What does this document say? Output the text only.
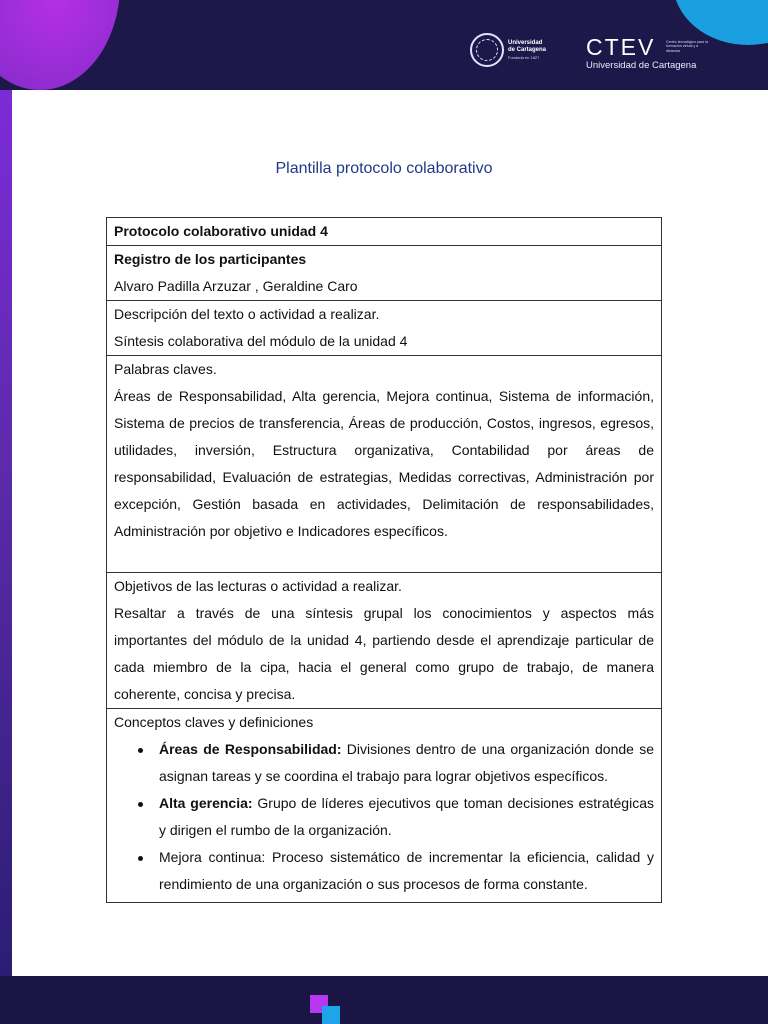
Universidad
de Cartagena
Fundada en 1827 CTEV	Centro tecnológico para la formación virtual y a distancia
Universidad de Cartagena
Plantilla protocolo colaborativo
Protocolo colaborativo unidad 4

Registro de los participantes
Alvaro Padilla Arzuzar , Geraldine Caro

Descripción del texto o actividad a realizar.
Síntesis colaborativa del módulo de la unidad 4

Palabras claves.
Áreas de Responsabilidad, Alta gerencia, Mejora continua, Sistema de información, Sistema de precios de transferencia, Áreas de producción, Costos, ingresos, egresos, utilidades, inversión, Estructura organizativa, Contabilidad por áreas de responsabilidad, Evaluación de estrategias, Medidas correctivas, Administración por excepción, Gestión basada en actividades, Delimitación de responsabilidades, Administración por objetivo e Indicadores específicos.

Objetivos de las lecturas o actividad a realizar.
Resaltar a través de una síntesis grupal los conocimientos y aspectos más importantes del módulo de la unidad 4, partiendo desde el aprendizaje particular de cada miembro de la cipa, hacia el general como grupo de trabajo, de manera coherente, concisa y precisa.

Conceptos claves y definiciones
Áreas de Responsabilidad: Divisiones dentro de una organización donde se asignan tareas y se coordina el trabajo para lograr objetivos específicos.
Alta gerencia: Grupo de líderes ejecutivos que toman decisiones estratégicas y dirigen el rumbo de la organización.
Mejora continua: Proceso sistemático de incrementar la eficiencia, calidad y rendimiento de una organización o sus procesos de forma constante.
